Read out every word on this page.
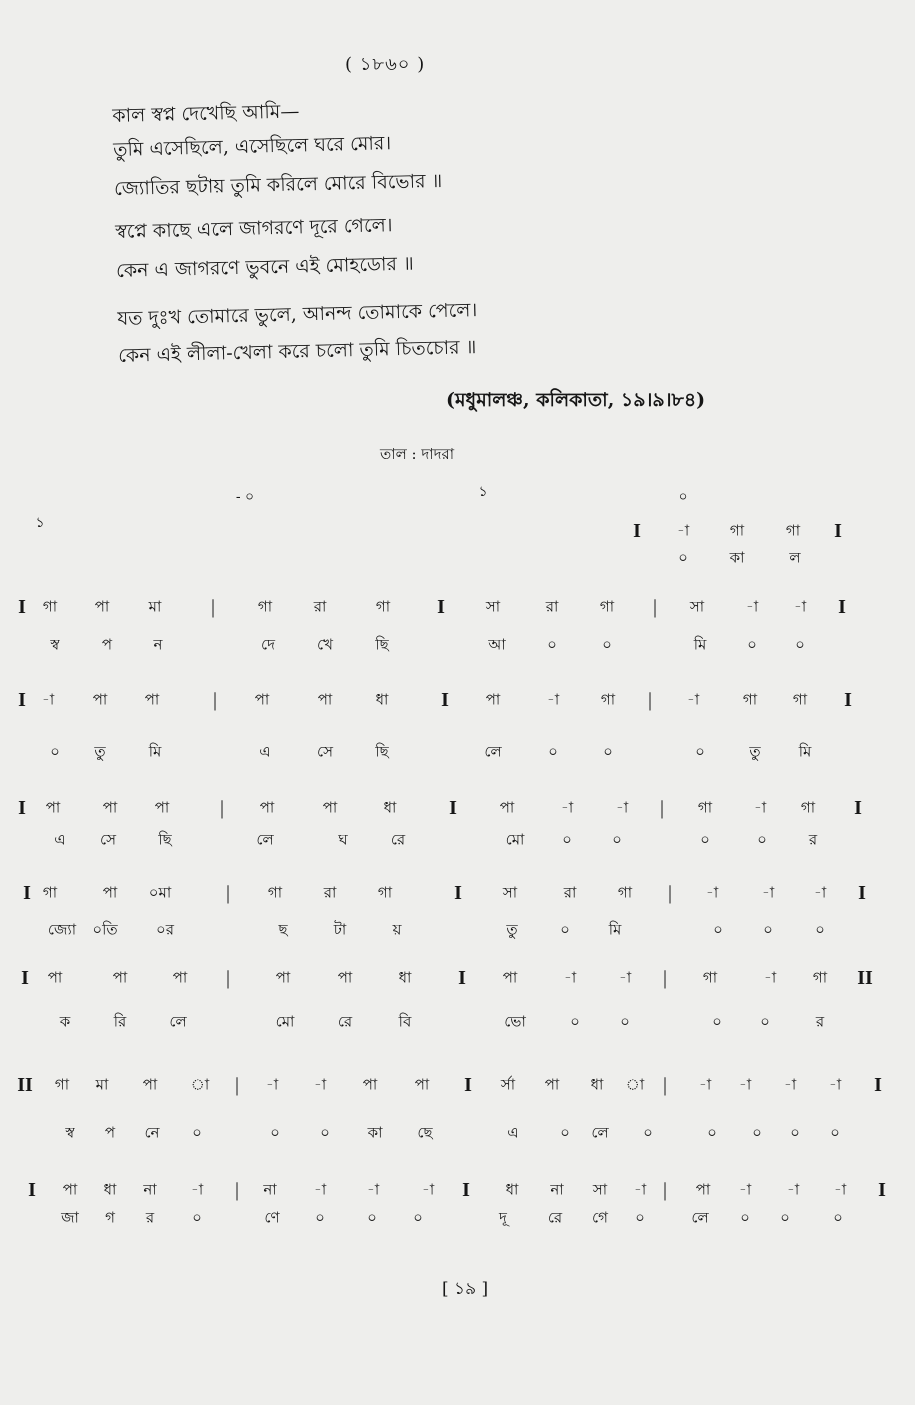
( ১৮৬০ )
কাল স্বপ্ন দেখেছি আমি—
তুমি এসেছিলে, এসেছিলে ঘরে মোর।
জ্যোতির ছটায় তুমি করিলে মোরে বিভোর ॥
স্বপ্নে কাছে এলে জাগরণে দূরে গেলে।
কেন এ জাগরণে ভুবনে এই মোহডোর ॥
যত দুঃখ তোমারে ভুলে, আনন্দ তোমাকে পেলে।
কেন এই লীলা-খেলা করে চলো তুমি চিতচোর ॥
(মধুমালঞ্চ, কলিকাতা, ১৯।৯।৮৪)
তাল : দাদরা
- ০	১	০
১	I -া	গা	গা I
০	কা	ল
I গা	পা	মা |	গা	রা	গা I	সা	রা	গা | সা	-া -া I
স্ব	প	ন	দে	খে	ছি	আ	০	০	মি	০	০
I -া	পা পা	|	পা	পা	ধা	I পা	-া	গা | -া	গা গা I
০ তু	মি	এ	সে	ছি	লে	০	০	০	তু	মি
I পা	পা পা	| পা	পা	ধা	I	পা	-া	-া | গা	-া গা I
এ সে	ছি	লে	ঘ	রে	মো	০	০	০	০	র
I গা	পা ০মা	|	গা	রা	গা	I	সা	রা	গা | -া	-া	-া I
জ্যো ০তি	০র	ছ	টা	য়	তু	০	মি	০	০	০
I পা	পা	পা |	পা	পা	ধা I পা	-া	-া | গা	-া গা II
ক	রি	লে	মো	রে	বি	ভো	০	০	০	০	র
II গা মা পা া | -া -া পা পা I র্সা পা ধা া | -া -া -া -া I
স্ব প নে ০	০	০	কা ছে	এ	০ লে ০	০ ০ ০ ০
I পা ধা না -া | না -া	-া	-া I ধা না সা -া | পা -া -া -া I
জা গ র	০	ণে ০	০ ০	দূ	রে গে ০	লে ০ ০	০
[ ১৯ ]
